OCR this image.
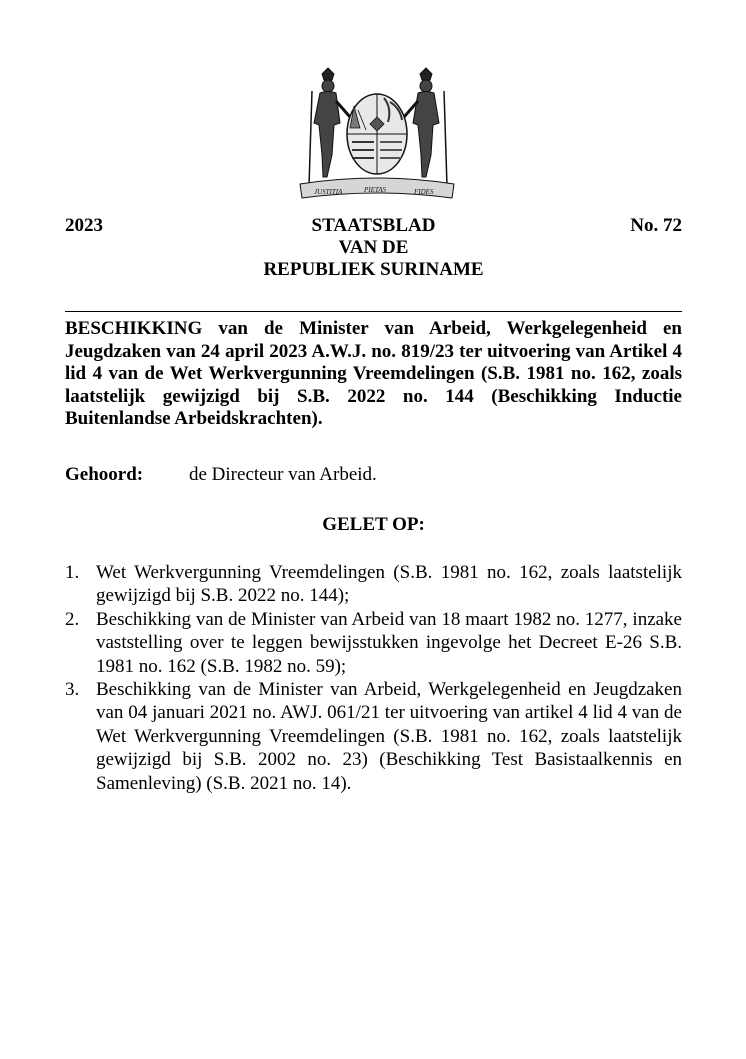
JUSTITIA	PIETAS	FIDES
2023	STAATSBLAD
VAN DE
REPUBLIEK SURINAME
No. 72
BESCHIKKING van de Minister van Arbeid, Werkgelegenheid en Jeugdzaken van 24 april 2023 A.W.J. no. 819/23 ter uitvoering van Artikel 4 lid 4 van de Wet Werkvergunning Vreemdelingen (S.B. 1981 no. 162, zoals laatstelijk gewijzigd bij S.B. 2022 no. 144 (Beschikking Inductie Buitenlandse Arbeidskrachten).
Gehoord: de Directeur van Arbeid.
GELET OP:
1. Wet Werkvergunning Vreemdelingen (S.B. 1981 no. 162, zoals laatstelijk gewijzigd bij S.B. 2022 no. 144);
2. Beschikking van de Minister van Arbeid van 18 maart 1982 no. 1277, inzake vaststelling over te leggen bewijsstukken ingevolge het Decreet E-26 S.B. 1981 no. 162 (S.B. 1982 no. 59);
3. Beschikking van de Minister van Arbeid, Werkgelegenheid en Jeugdzaken van 04 januari 2021 no. AWJ. 061/21 ter uitvoering van artikel 4 lid 4 van de Wet Werkvergunning Vreemdelingen (S.B. 1981 no. 162, zoals laatstelijk gewijzigd bij S.B. 2002 no. 23) (Beschikking Test Basistaalkennis en Samenleving) (S.B. 2021 no. 14).
